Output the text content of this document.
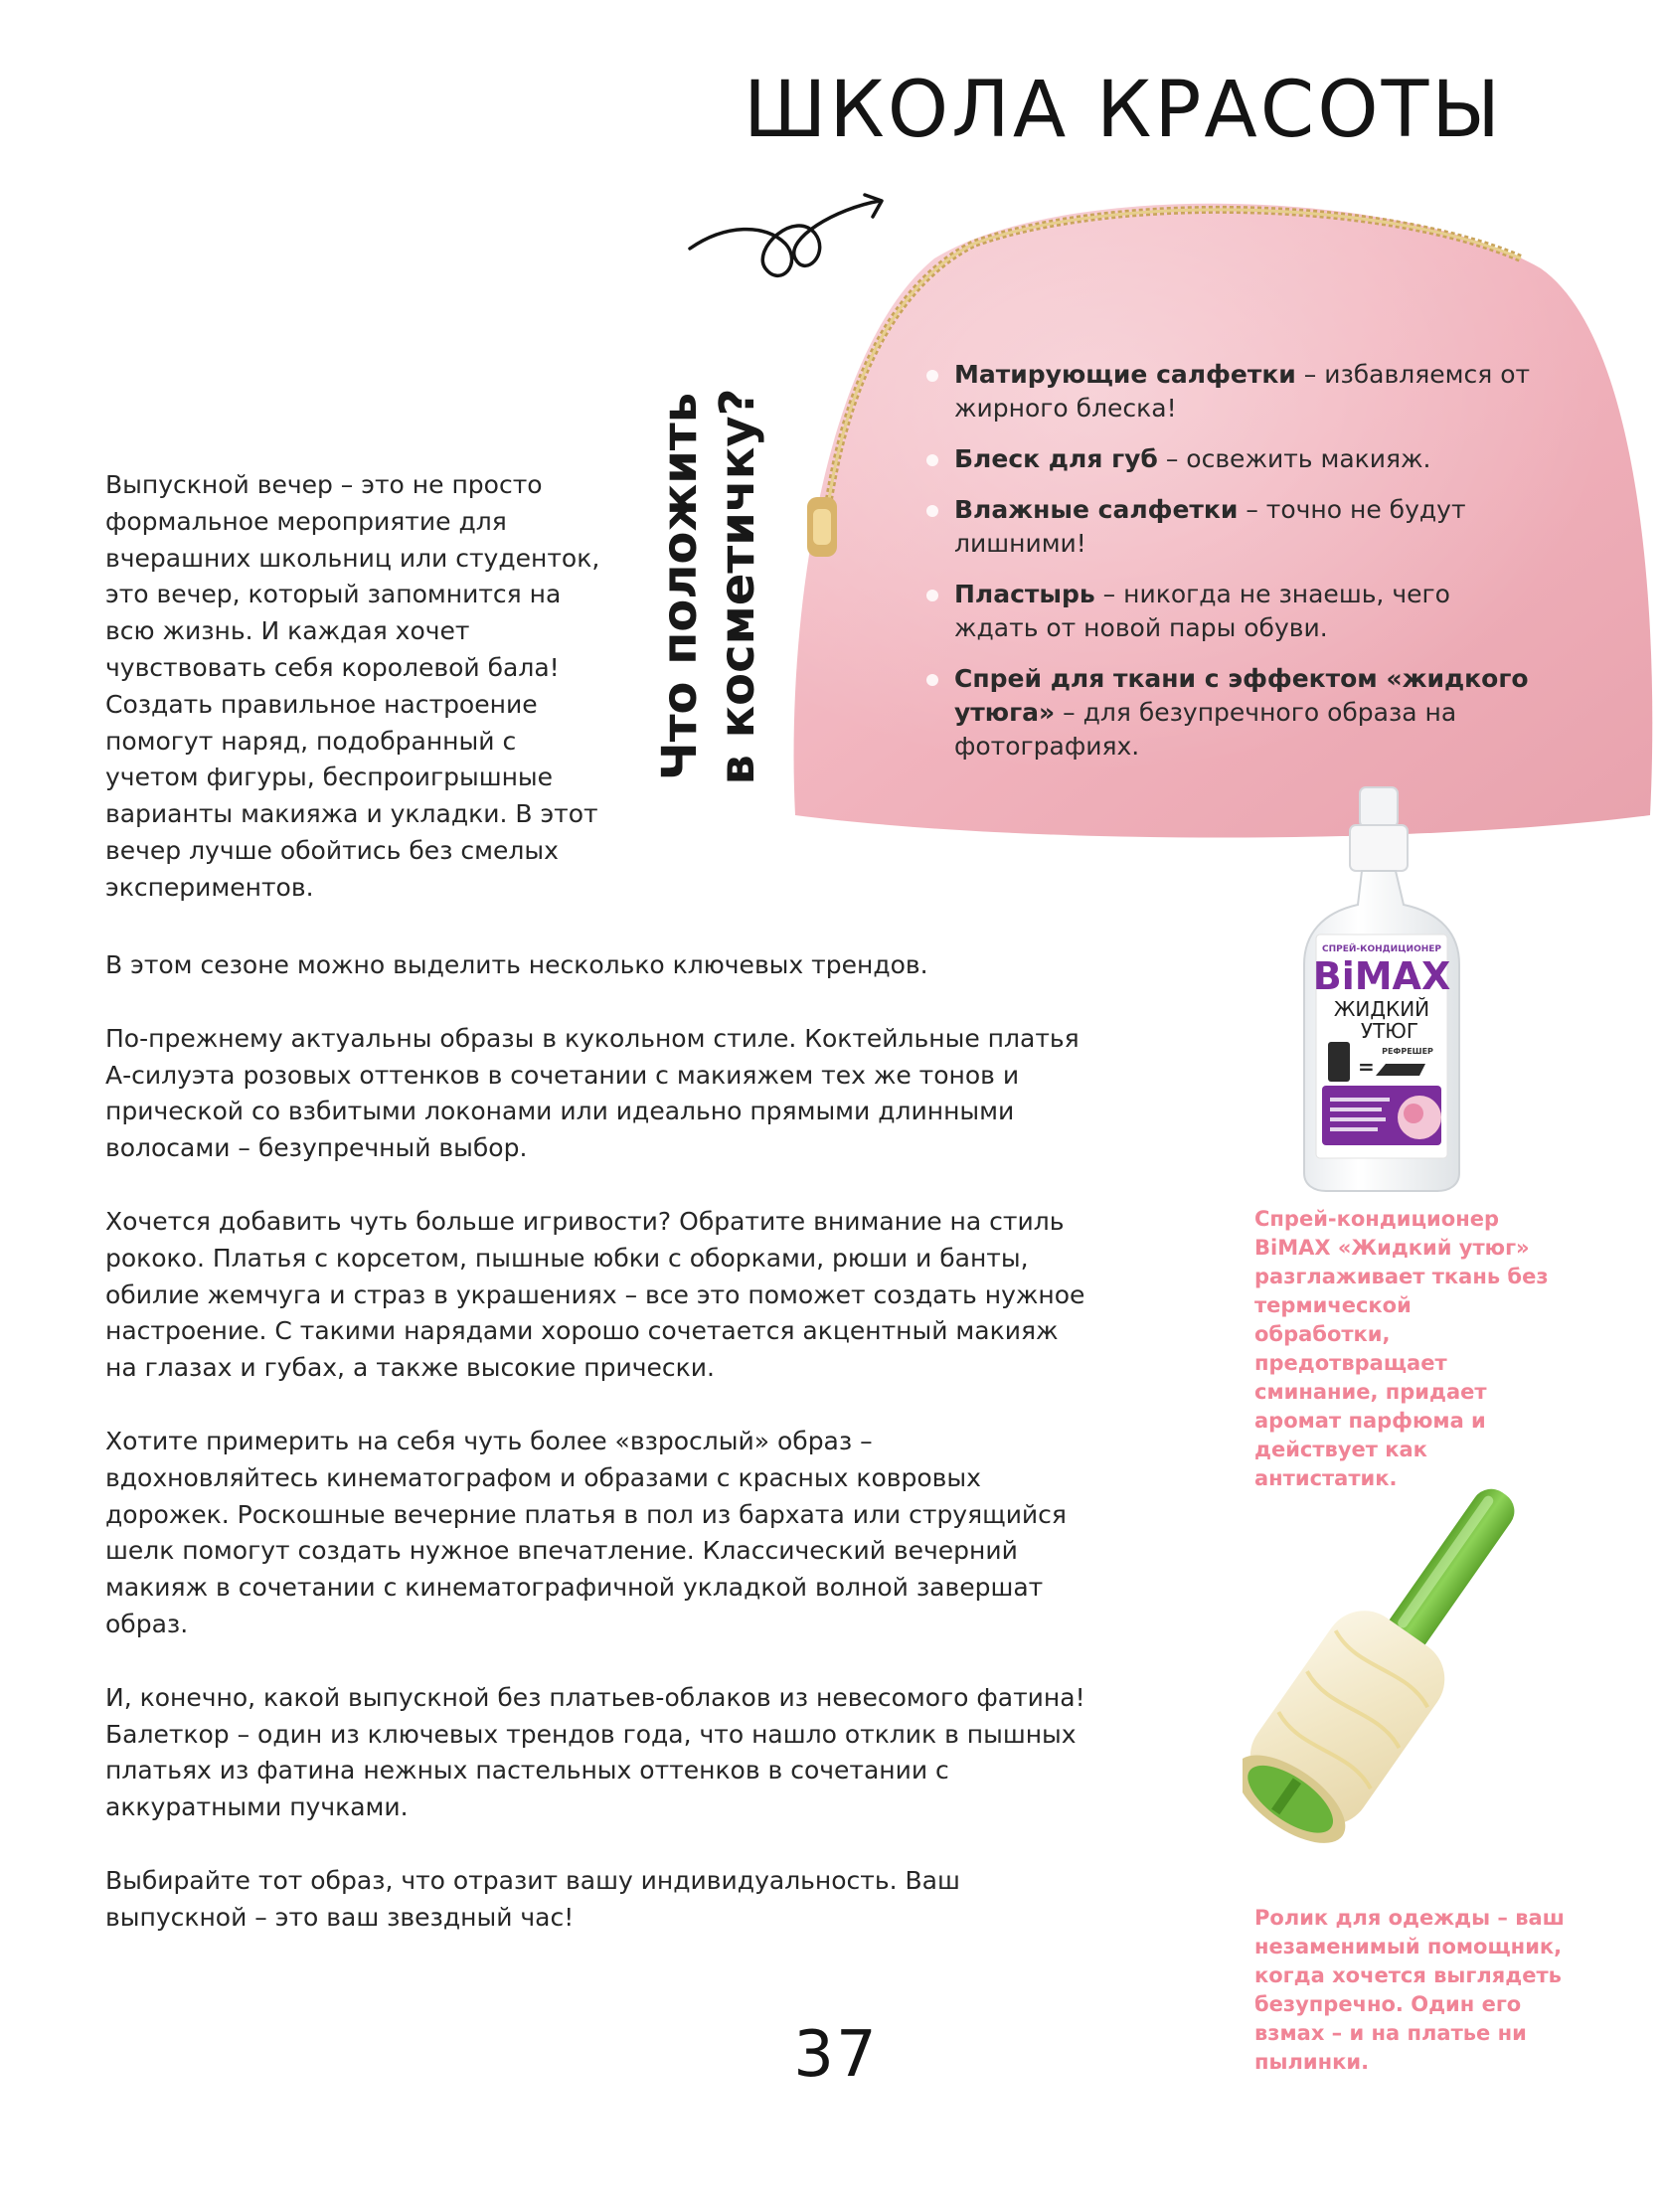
ШКОЛА КРАСОТЫ
Что положить в косметичку?
Матирующие салфетки – избавляемся от жирного блеска!
Блеск для губ – освежить макияж.
Влажные салфетки – точно не будут лишними!
Пластырь – никогда не знаешь, чего ждать от новой пары обуви.
Спрей для ткани с эффектом «жидкого утюга» – для безупречного образа на фотографиях.
Выпускной вечер – это не просто формальное мероприятие для вчерашних школьниц или студенток, это вечер, который запомнится на всю жизнь. И каждая хочет чувствовать себя королевой бала! Создать правильное настроение помогут наряд, подобранный с учетом фигуры, беспроигрышные варианты макияжа и укладки. В этот вечер лучше обойтись без смелых экспериментов.

В этом сезоне можно выделить несколько ключевых трендов.

По-прежнему актуальны образы в кукольном стиле. Коктейльные платья А-силуэта розовых оттенков в сочетании с макияжем тех же тонов и прической со взбитыми локонами или идеально прямыми длинными волосами – безупречный выбор.

Хочется добавить чуть больше игривости? Обратите внимание на стиль рококо. Платья с корсетом, пышные юбки с оборками, рюши и банты, обилие жемчуга и страз в украшениях – все это поможет создать нужное настроение. С такими нарядами хорошо сочетается акцентный макияж на глазах и губах, а также высокие прически.

Хотите примерить на себя чуть более «взрослый» образ – вдохновляйтесь кинематографом и образами с красных ковровых дорожек. Роскошные вечерние платья в пол из бархата или струящийся шелк помогут создать нужное впечатление. Классический вечерний макияж в сочетании с кинематографичной укладкой волной завершат образ.

И, конечно, какой выпускной без платьев-облаков из невесомого фатина! Балеткор – один из ключевых трендов года, что нашло отклик в пышных платьях из фатина нежных пастельных оттенков в сочетании с аккуратными пучками.

Выбирайте тот образ, что отразит вашу индивидуальность. Ваш выпускной – это ваш звездный час!

СПРЕЙ-КОНДИЦИОНЕР
BiMAX
ЖИДКИЙ
УТЮГ
РЕФРЕШЕР
=
Спрей-кондиционер BiMAX «Жидкий утюг» разглаживает ткань без термической обработки, предотвращает сминание, придает аромат парфюма и действует как антистатик.
Ролик для одежды – ваш незаменимый помощник, когда хочется выглядеть безупречно. Один его взмах – и на платье ни пылинки.
37
